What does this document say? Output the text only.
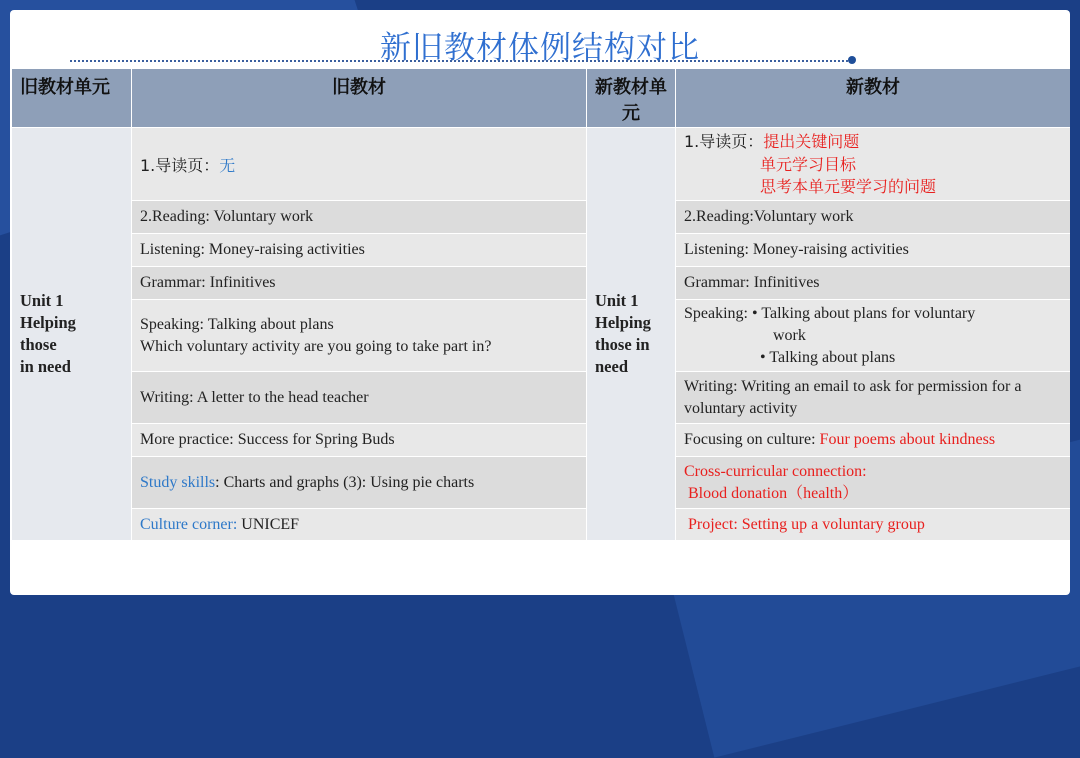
新旧教材体例结构对比
旧教材单元	旧教材	新教材单元	新教材

Unit 1
Helping
those
in need	1.导读页：无	Unit 1
Helping
those in
need	1.导读页：提出关键问题
单元学习目标
思考本单元要学习的问题

	2.Reading: Voluntary work		2.Reading:Voluntary work
	Listening: Money-raising activities		Listening: Money-raising activities
	Grammar: Infinitives		Grammar: Infinitives

	Speaking: Talking about plans
Which voluntary activity are you going to take part in?		Speaking: • Talking about plans for voluntary
work
• Talking about plans

	Writing: A letter to the head teacher		Writing: Writing an email to ask for permission for a voluntary activity
	More practice: Success for Spring Buds		Focusing on culture: Four poems about kindness
	Study skills: Charts and graphs (3): Using pie charts		Cross-curricular connection:
Blood donation（health）

	Culture corner: UNICEF		Project: Setting up a voluntary group
